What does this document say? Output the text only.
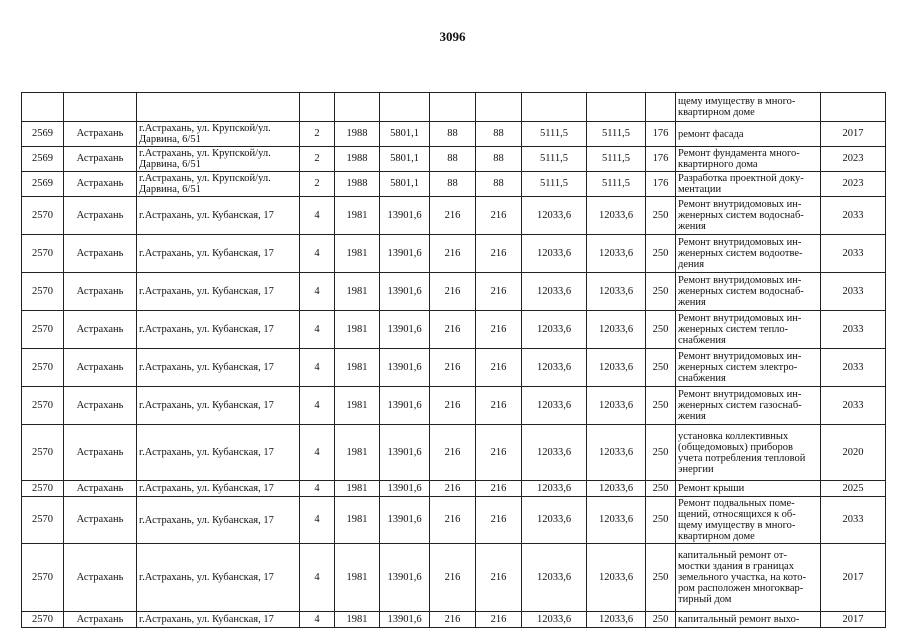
3096
											щему имуществу в много-квартирном доме	
2569	Астрахань	г.Астрахань, ул. Крупской/ул. Дарвина, 6/51	2	1988	5801,1	88	88	5111,5	5111,5	176	ремонт фасада	2017
2569	Астрахань	г.Астрахань, ул. Крупской/ул. Дарвина, 6/51	2	1988	5801,1	88	88	5111,5	5111,5	176	Ремонт фундамента много-квартирного дома	2023
2569	Астрахань	г.Астрахань, ул. Крупской/ул. Дарвина, 6/51	2	1988	5801,1	88	88	5111,5	5111,5	176	Разработка проектной доку-ментации	2023
2570	Астрахань	г.Астрахань, ул. Кубанская, 17	4	1981	13901,6	216	216	12033,6	12033,6	250	Ремонт внутридомовых ин-женерных систем водоснаб-жения	2033
2570	Астрахань	г.Астрахань, ул. Кубанская, 17	4	1981	13901,6	216	216	12033,6	12033,6	250	Ремонт внутридомовых ин-женерных систем водоотве-дения	2033
2570	Астрахань	г.Астрахань, ул. Кубанская, 17	4	1981	13901,6	216	216	12033,6	12033,6	250	Ремонт внутридомовых ин-женерных систем водоснаб-жения	2033
2570	Астрахань	г.Астрахань, ул. Кубанская, 17	4	1981	13901,6	216	216	12033,6	12033,6	250	Ремонт внутридомовых ин-женерных систем тепло-снабжения	2033
2570	Астрахань	г.Астрахань, ул. Кубанская, 17	4	1981	13901,6	216	216	12033,6	12033,6	250	Ремонт внутридомовых ин-женерных систем электро-снабжения	2033
2570	Астрахань	г.Астрахань, ул. Кубанская, 17	4	1981	13901,6	216	216	12033,6	12033,6	250	Ремонт внутридомовых ин-женерных систем газоснаб-жения	2033
2570	Астрахань	г.Астрахань, ул. Кубанская, 17	4	1981	13901,6	216	216	12033,6	12033,6	250	установка коллективных (общедомовых) приборов учета потребления тепловой энергии	2020
2570	Астрахань	г.Астрахань, ул. Кубанская, 17	4	1981	13901,6	216	216	12033,6	12033,6	250	Ремонт крыши	2025
2570	Астрахань	г.Астрахань, ул. Кубанская, 17	4	1981	13901,6	216	216	12033,6	12033,6	250	Ремонт подвальных поме-щений, относящихся к об-щему имуществу в много-квартирном доме	2033
2570	Астрахань	г.Астрахань, ул. Кубанская, 17	4	1981	13901,6	216	216	12033,6	12033,6	250	капитальный ремонт от-мостки здания в границах земельного участка, на кото-ром расположен многоквар-тирный дом	2017
2570	Астрахань	г.Астрахань, ул. Кубанская, 17	4	1981	13901,6	216	216	12033,6	12033,6	250	капитальный ремонт выхо-	2017
